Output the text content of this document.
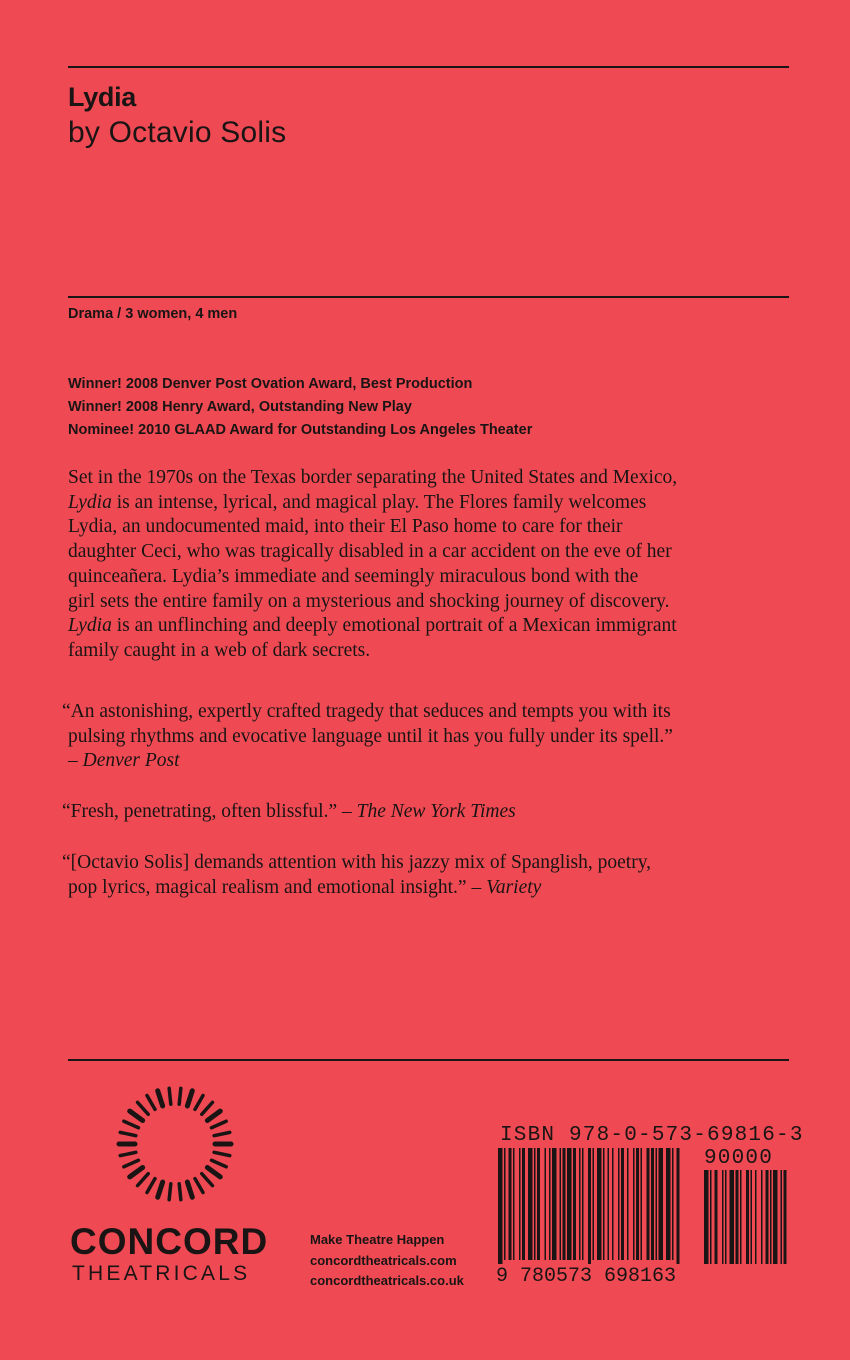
Lydia
by Octavio Solis
Drama / 3 women, 4 men
Winner! 2008 Denver Post Ovation Award, Best Production
Winner! 2008 Henry Award, Outstanding New Play
Nominee! 2010 GLAAD Award for Outstanding Los Angeles Theater
Set in the 1970s on the Texas border separating the United States and Mexico,
Lydia is an intense, lyrical, and magical play. The Flores family welcomes
Lydia, an undocumented maid, into their El Paso home to care for their
daughter Ceci, who was tragically disabled in a car accident on the eve of her
quinceañera. Lydia’s immediate and seemingly miraculous bond with the
girl sets the entire family on a mysterious and shocking journey of discovery.
Lydia is an unflinching and deeply emotional portrait of a Mexican immigrant
family caught in a web of dark secrets.
“An astonishing, expertly crafted tragedy that seduces and tempts you with its
pulsing rhythms and evocative language until it has you fully under its spell.”
– Denver Post
“Fresh, penetrating, often blissful.” – The New York Times
“[Octavio Solis] demands attention with his jazzy mix of Spanglish, poetry,
pop lyrics, magical realism and emotional insight.” – Variety
CONCORD
THEATRICALS
Make Theatre Happen
concordtheatricals.com
concordtheatricals.co.uk
ISBN 978-0-573-69816-3
90000
9 780573 698163
